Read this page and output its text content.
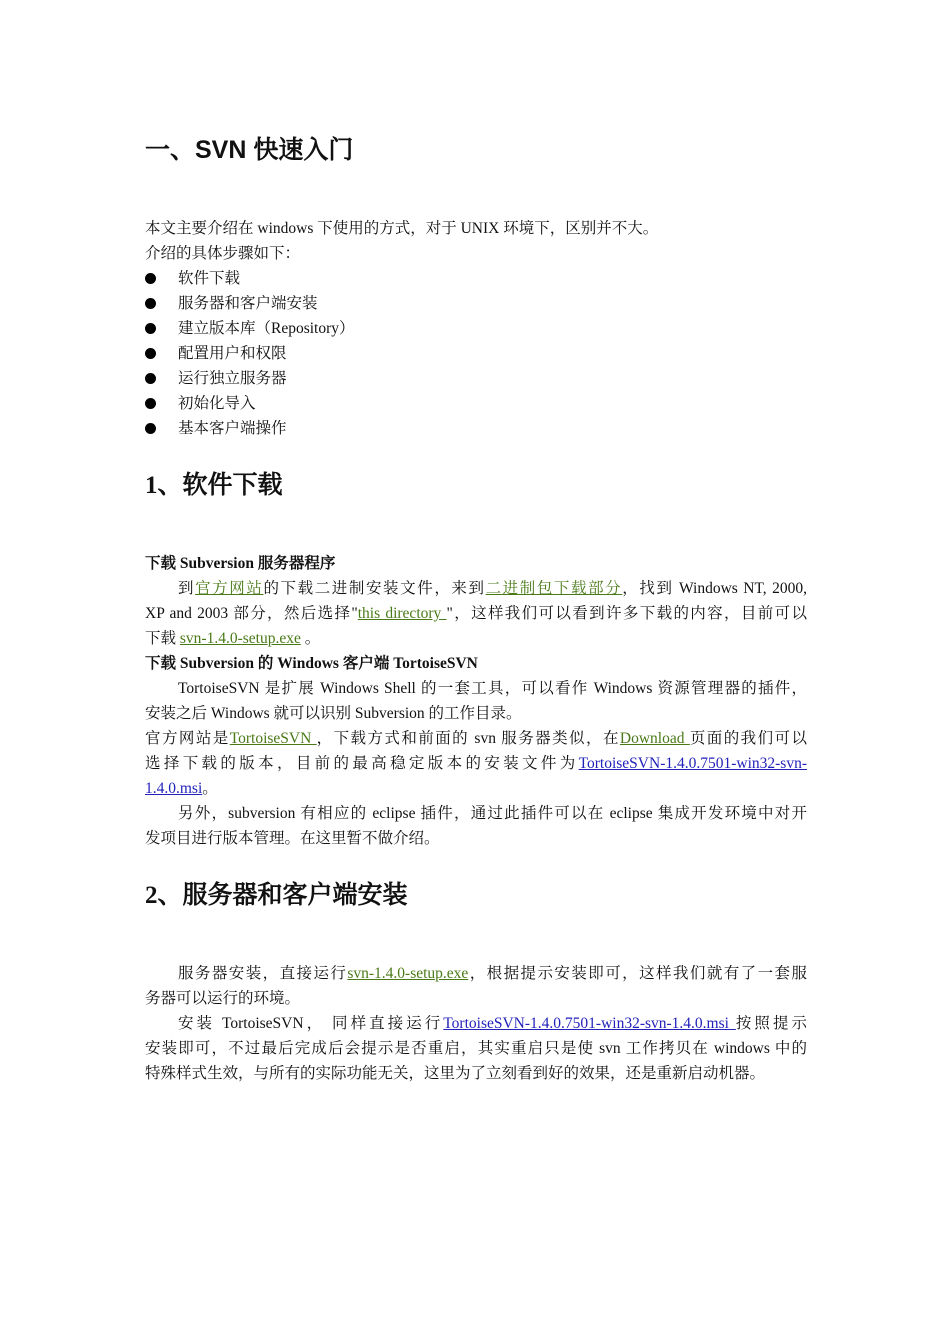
一、SVN 快速入门
本文主要介绍在 windows 下使用的方式，对于 UNIX 环境下，区别并不大。
介绍的具体步骤如下：
软件下载
服务器和客户端安装
建立版本库（Repository）
配置用户和权限
运行独立服务器
初始化导入
基本客户端操作
1、软件下载
下载 Subversion 服务器程序
到官方网站的下载二进制安装文件，来到二进制包下载部分，找到 Windows NT, 2000,
XP and 2003 部分，然后选择"this directory "，这样我们可以看到许多下载的内容，目前可以
下载 svn-1.4.0-setup.exe 。
下载 Subversion 的 Windows 客户端 TortoiseSVN
TortoiseSVN 是扩展 Windows Shell 的一套工具，可以看作 Windows 资源管理器的插件，
安装之后 Windows 就可以识别 Subversion 的工作目录。
官方网站是TortoiseSVN ，下载方式和前面的 svn 服务器类似，在Download 页面的我们可以
选择下载的版本，目前的最高稳定版本的安装文件为TortoiseSVN-1.4.0.7501-win32-svn-
1.4.0.msi。
另外，subversion 有相应的 eclipse 插件，通过此插件可以在 eclipse 集成开发环境中对开
发项目进行版本管理。在这里暂不做介绍。
2、服务器和客户端安装
服务器安装，直接运行svn-1.4.0-setup.exe，根据提示安装即可，这样我们就有了一套服
务器可以运行的环境。
安装 TortoiseSVN， 同样直接运行TortoiseSVN-1.4.0.7501-win32-svn-1.4.0.msi 按照提示
安装即可，不过最后完成后会提示是否重启，其实重启只是使 svn 工作拷贝在 windows 中的
特殊样式生效，与所有的实际功能无关，这里为了立刻看到好的效果，还是重新启动机器。
